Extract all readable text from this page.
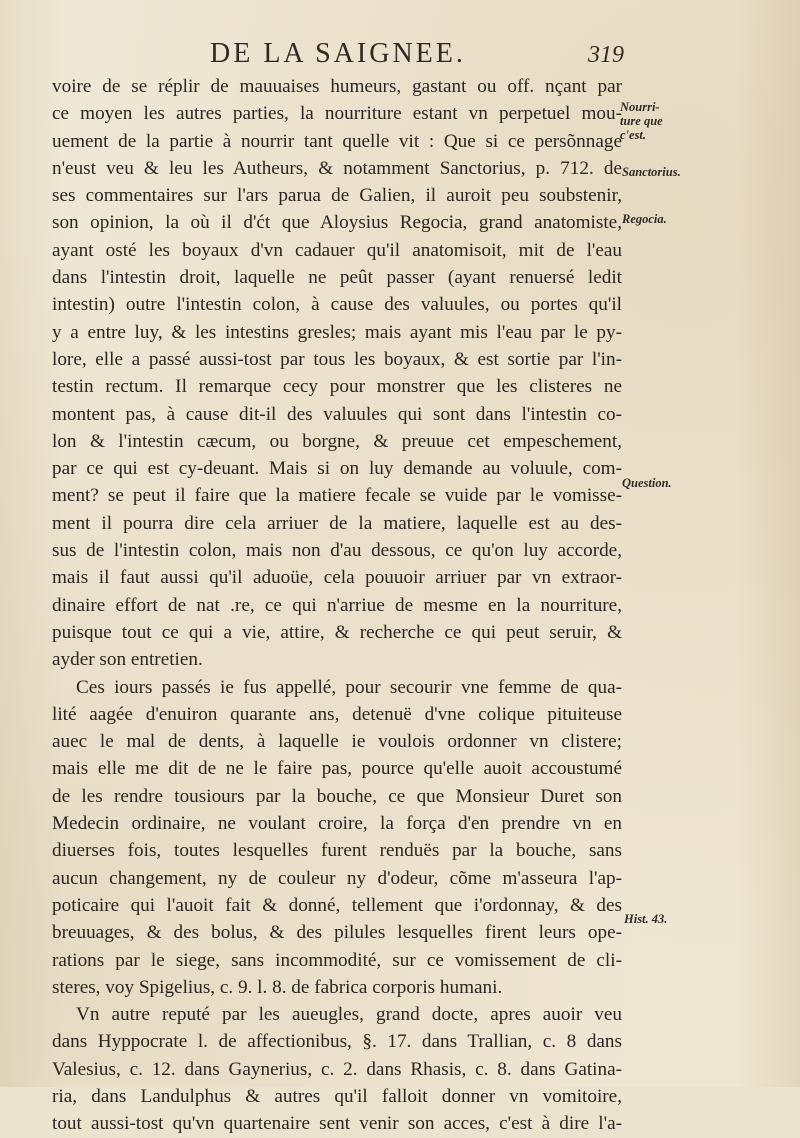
DE LA SAIGNEE.	319
voire de se réplir de mauuaises humeurs, gastant ou off. nçant par
ce moyen les autres parties, la nourriture estant vn perpetuel mou-
uement de la partie à nourrir tant quelle vit : Que si ce persõnnage
n'eust veu & leu les Autheurs, & notamment Sanctorius, p. 712. de
ses commentaires sur l'ars parua de Galien, il auroit peu soubstenir,
son opinion, la où il d'ćt que Aloysius Regocia, grand anatomiste,
ayant osté les boyaux d'vn cadauer qu'il anatomisoit, mit de l'eau
dans l'intestin droit, laquelle ne peût passer (ayant renuersé ledit
intestin) outre l'intestin colon, à cause des valuules, ou portes qu'il
y a entre luy, & les intestins gresles; mais ayant mis l'eau par le py-
lore, elle a passé aussi-tost par tous les boyaux, & est sortie par l'in-
testin rectum. Il remarque cecy pour monstrer que les clisteres ne
montent pas, à cause dit-il des valuules qui sont dans l'intestin co-
lon & l'intestin cæcum, ou borgne, & preuue cet empeschement,
par ce qui est cy-deuant. Mais si on luy demande au voluule, com-
ment? se peut il faire que la matiere fecale se vuide par le vomisse-
ment il pourra dire cela arriuer de la matiere, laquelle est au des-
sus de l'intestin colon, mais non d'au dessous, ce qu'on luy accorde,
mais il faut aussi qu'il aduoüe, cela pouuoir arriuer par vn extraor-
dinaire effort de nat .re, ce qui n'arriue de mesme en la nourriture,
puisque tout ce qui a vie, attire, & recherche ce qui peut seruir, &
ayder son entretien.
Ces iours passés ie fus appellé, pour secourir vne femme de qua-
lité aagée d'enuiron quarante ans, detenuë d'vne colique pituiteuse
auec le mal de dents, à laquelle ie voulois ordonner vn clistere;
mais elle me dit de ne le faire pas, pource qu'elle auoit accoustumé
de les rendre tousiours par la bouche, ce que Monsieur Duret son
Medecin ordinaire, ne voulant croire, la força d'en prendre vn en
diuerses fois, toutes lesquelles furent renduës par la bouche, sans
aucun changement, ny de couleur ny d'odeur, cõme m'asseura l'ap-
poticaire qui l'auoit fait & donné, tellement que i'ordonnay, & des
breuuages, & des bolus, & des pilules lesquelles firent leurs ope-
rations par le siege, sans incommodité, sur ce vomissement de cli-
steres, voy Spigelius, c. 9. l. 8. de fabrica corporis humani.
Vn autre reputé par les aueugles, grand docte, apres auoir veu
dans Hyppocrate l. de affectionibus, §. 17. dans Trallian, c. 8 dans
Valesius, c. 12. dans Gaynerius, c. 2. dans Rhasis, c. 8. dans Gatina-
ria, dans Landulphus & autres qu'il falloit donner vn vomitoire,
tout aussi-tost qu'vn quartenaire sent venir son acces, c'est à dire l'a-
Nourri-
ture que
c'est.
Sanctorius.
Regocia.
Question.
Hist. 43.
